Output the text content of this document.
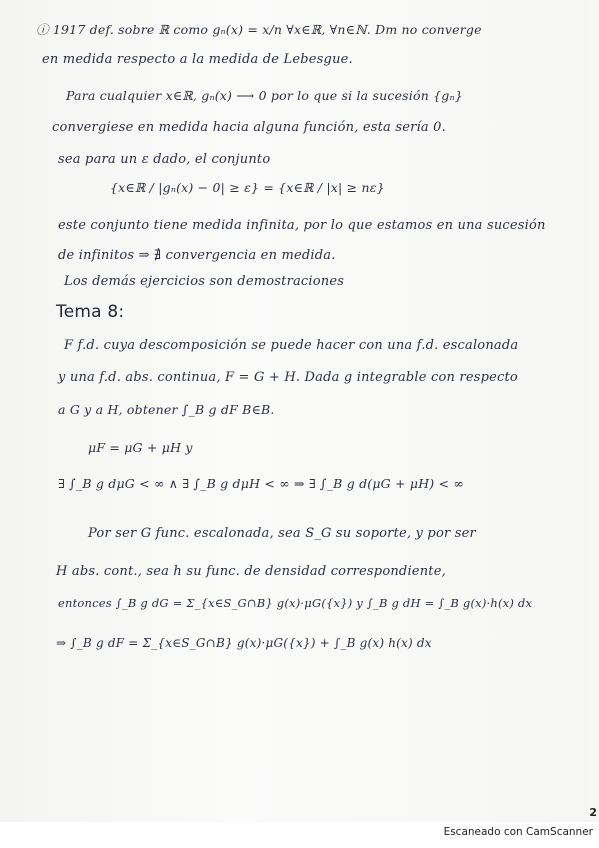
ⓘ 1917 def. sobre ℝ como gₙ(x) = x/n ∀x∈ℝ, ∀n∈ℕ. Dm no converge
en medida respecto a la medida de Lebesgue.
Para cualquier x∈ℝ, gₙ(x) ⟶ 0 por lo que si la sucesión {gₙ}
convergiese en medida hacia alguna función, esta sería 0.
sea para un ε dado, el conjunto
{x∈ℝ / |gₙ(x) − 0| ≥ ε} = {x∈ℝ / |x| ≥ nε}
este conjunto tiene medida infinita, por lo que estamos en una sucesión
de infinitos ⇒ ∄ convergencia en medida.
Los demás ejercicios son demostraciones
Tema 8:
F f.d. cuya descomposición se puede hacer con una f.d. escalonada
y una f.d. abs. continua, F = G + H. Dada g integrable con respecto
a G y a H, obtener ∫_B g dF B∈B.
μF = μG + μH y
∃ ∫_B g dμG < ∞ ∧ ∃ ∫_B g dμH < ∞ ⇒ ∃ ∫_B g d(μG + μH) < ∞
Por ser G func. escalonada, sea S_G su soporte, y por ser
H abs. cont., sea h su func. de densidad correspondiente,
entonces ∫_B g dG = Σ_{x∈S_G∩B} g(x)·μG({x}) y ∫_B g dH = ∫_B g(x)·h(x) dx
⇒ ∫_B g dF = Σ_{x∈S_G∩B} g(x)·μG({x}) + ∫_B g(x) h(x) dx
2
Escaneado con CamScanner
